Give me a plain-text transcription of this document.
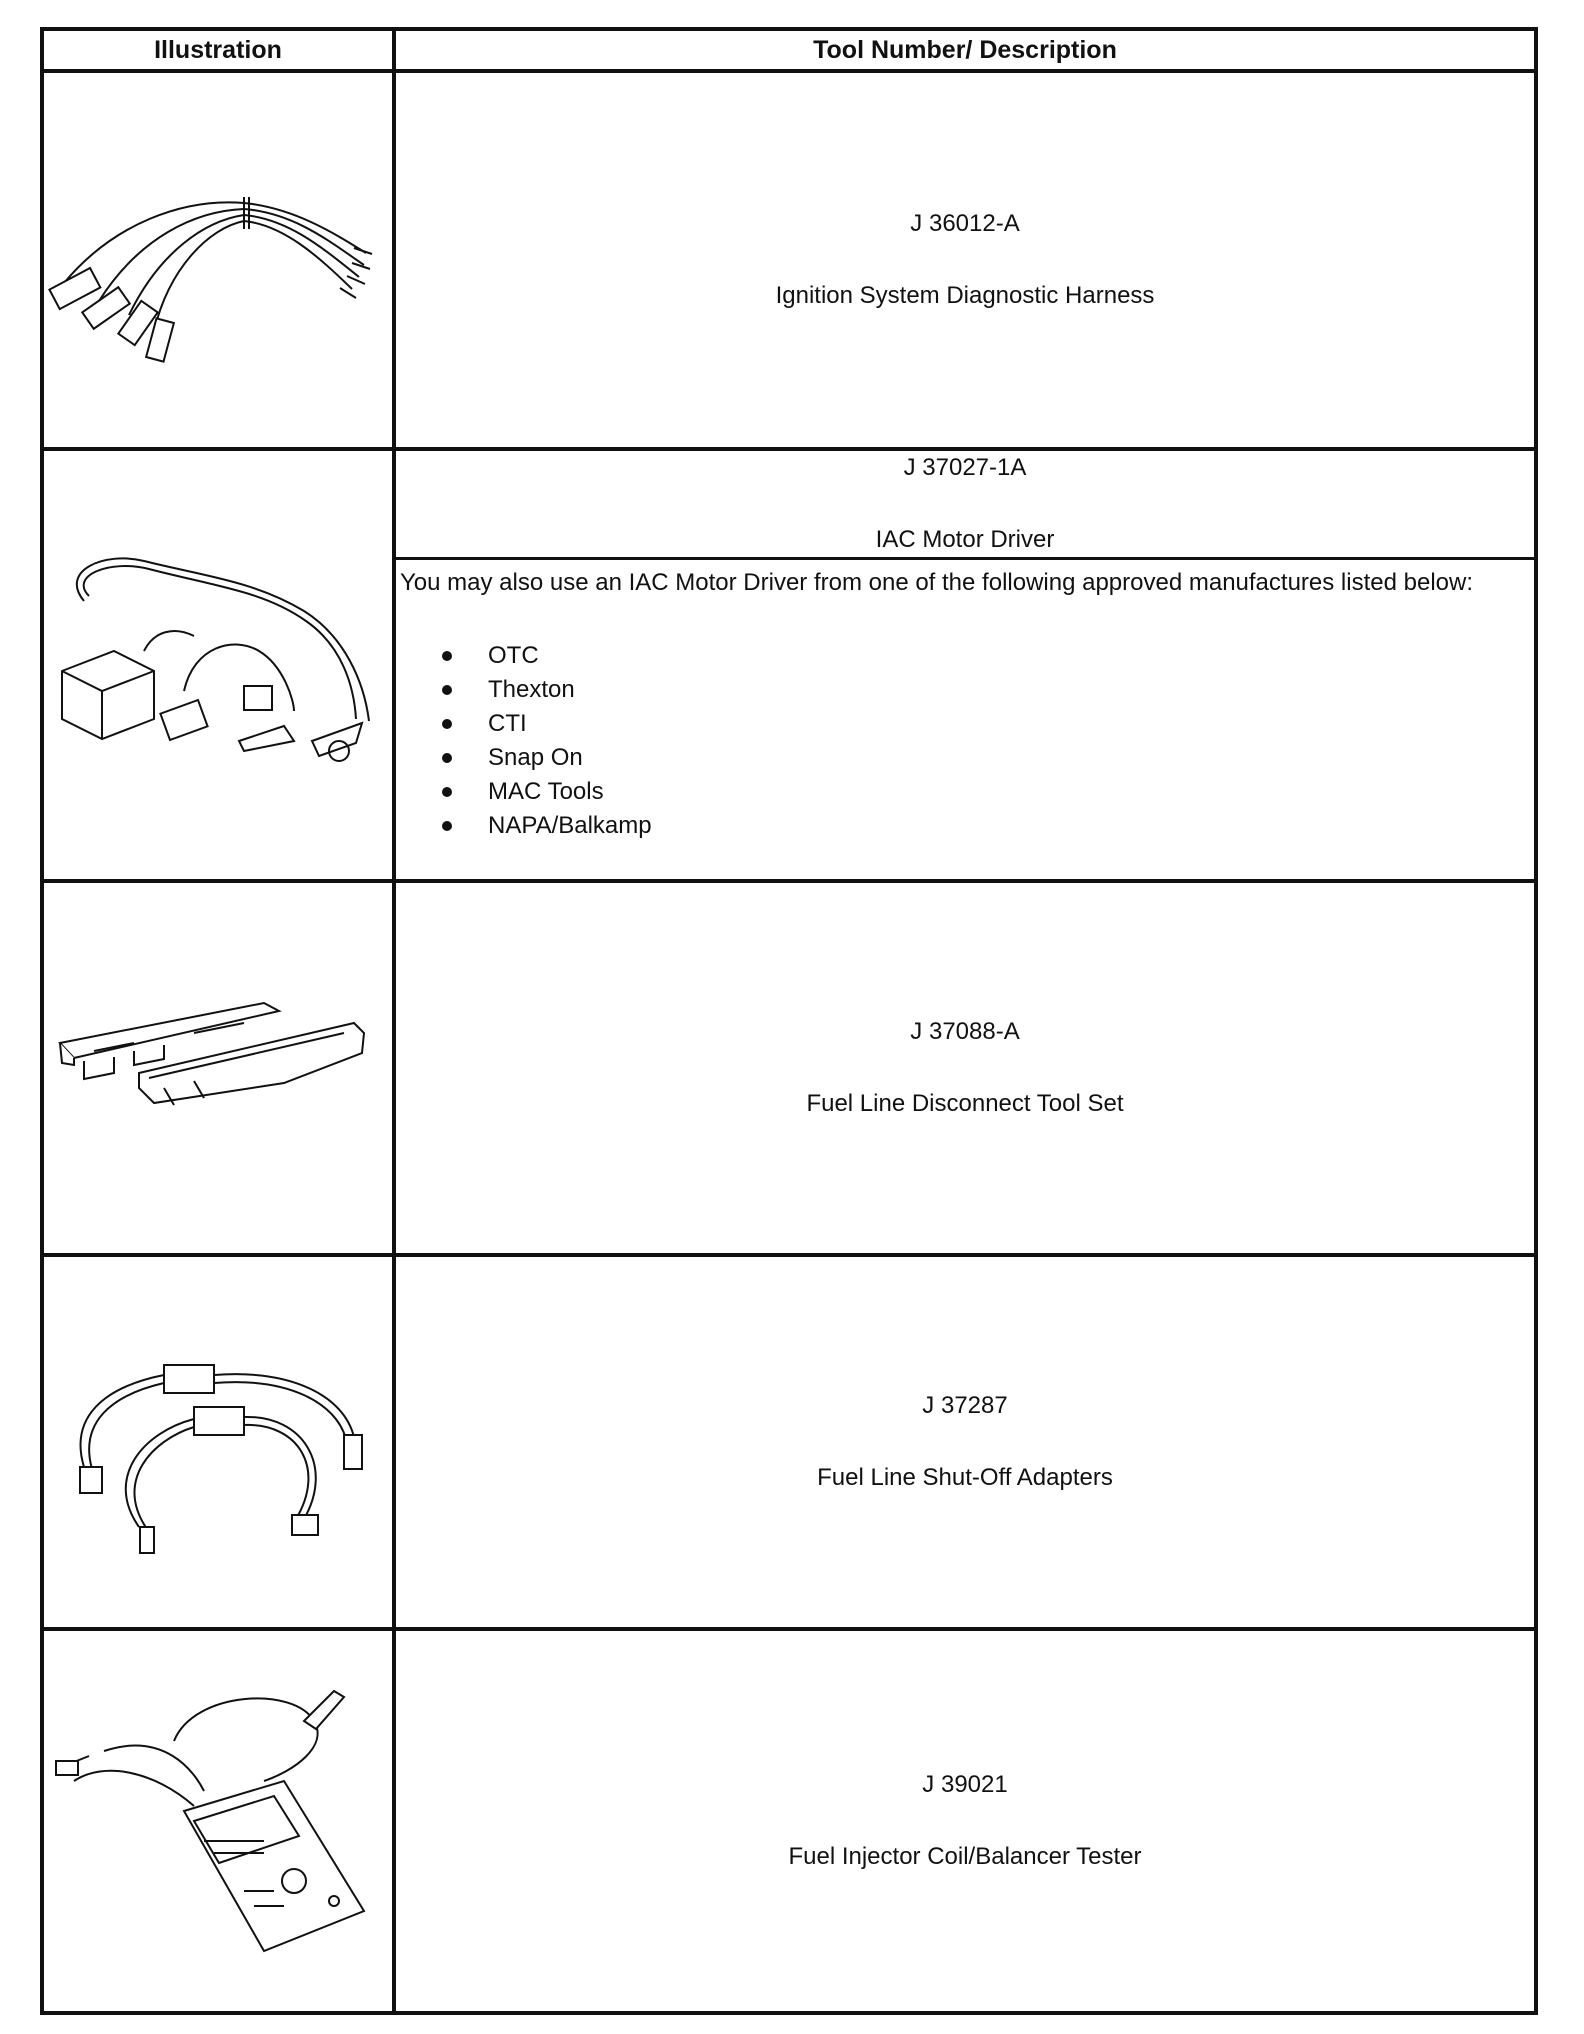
Illustration	Tool Number/ Description
J 36012-A
Ignition System Diagnostic Harness
J 37027-1A
IAC Motor Driver
You may also use an IAC Motor Driver from one of the following approved manufactures listed below:
OTC
Thexton
CTI
Snap On
MAC Tools
NAPA/Balkamp
J 37088-A
Fuel Line Disconnect Tool Set
J 37287
Fuel Line Shut-Off Adapters
J 39021
Fuel Injector Coil/Balancer Tester
